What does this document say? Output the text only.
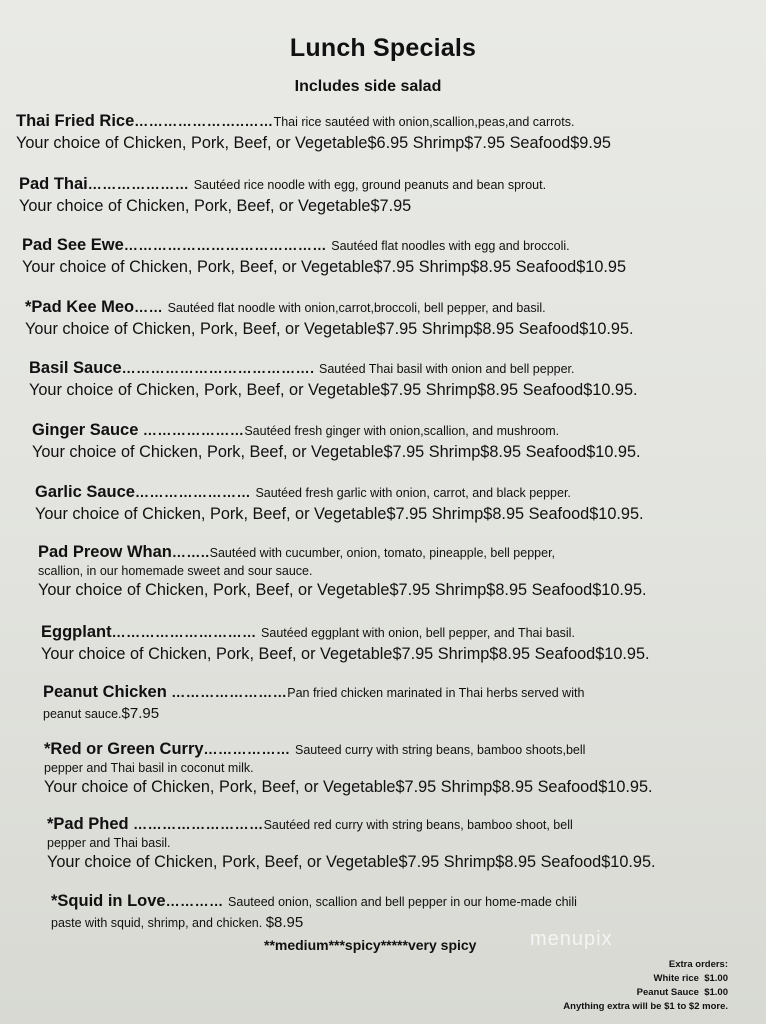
Lunch Specials
Includes side salad
Thai Fried Rice…………………..……Thai rice sautéed with onion,scallion,peas,and carrots.
Your choice of Chicken, Pork, Beef, or Vegetable$6.95 Shrimp$7.95 Seafood$9.95
Pad Thai………………… Sautéed rice noodle with egg, ground peanuts and bean sprout.
Your choice of Chicken, Pork, Beef, or Vegetable$7.95
Pad See Ewe…………………………………… Sautéed flat noodles with egg and broccoli.
Your choice of Chicken, Pork, Beef, or Vegetable$7.95 Shrimp$8.95 Seafood$10.95
*Pad Kee Meo…… Sautéed flat noodle with onion,carrot,broccoli, bell pepper, and basil.
Your choice of Chicken, Pork, Beef, or Vegetable$7.95 Shrimp$8.95 Seafood$10.95.
Basil Sauce…………………………………. Sautéed Thai basil with onion and bell pepper.
Your choice of Chicken, Pork, Beef, or Vegetable$7.95 Shrimp$8.95 Seafood$10.95.
Ginger Sauce …………………Sautéed fresh ginger with onion,scallion, and mushroom.
Your choice of Chicken, Pork, Beef, or Vegetable$7.95 Shrimp$8.95 Seafood$10.95.
Garlic Sauce…………………… Sautéed fresh garlic with onion, carrot, and black pepper.
Your choice of Chicken, Pork, Beef, or Vegetable$7.95 Shrimp$8.95 Seafood$10.95.
Pad Preow Whan……..Sautéed with cucumber, onion, tomato, pineapple, bell pepper,
scallion, in our homemade sweet and sour sauce.
Your choice of Chicken, Pork, Beef, or Vegetable$7.95 Shrimp$8.95 Seafood$10.95.
Eggplant………………………… Sautéed eggplant with onion, bell pepper, and Thai basil.
Your choice of Chicken, Pork, Beef, or Vegetable$7.95 Shrimp$8.95 Seafood$10.95.
Peanut Chicken ……………………Pan fried chicken marinated in Thai herbs served with
peanut sauce.$7.95
*Red or Green Curry……………… Sauteed curry with string beans, bamboo shoots,bell
pepper and Thai basil in coconut milk.
Your choice of Chicken, Pork, Beef, or Vegetable$7.95 Shrimp$8.95 Seafood$10.95.
*Pad Phed ………………………Sautéed red curry with string beans, bamboo shoot, bell
pepper and Thai basil.
Your choice of Chicken, Pork, Beef, or Vegetable$7.95 Shrimp$8.95 Seafood$10.95.
*Squid in Love………… Sauteed onion, scallion and bell pepper in our home-made chili
paste with squid, shrimp, and chicken. $8.95
**medium***spicy*****very spicy	menupix
Extra orders:
White rice $1.00
Peanut Sauce $1.00
Anything extra will be $1 to $2 more.
